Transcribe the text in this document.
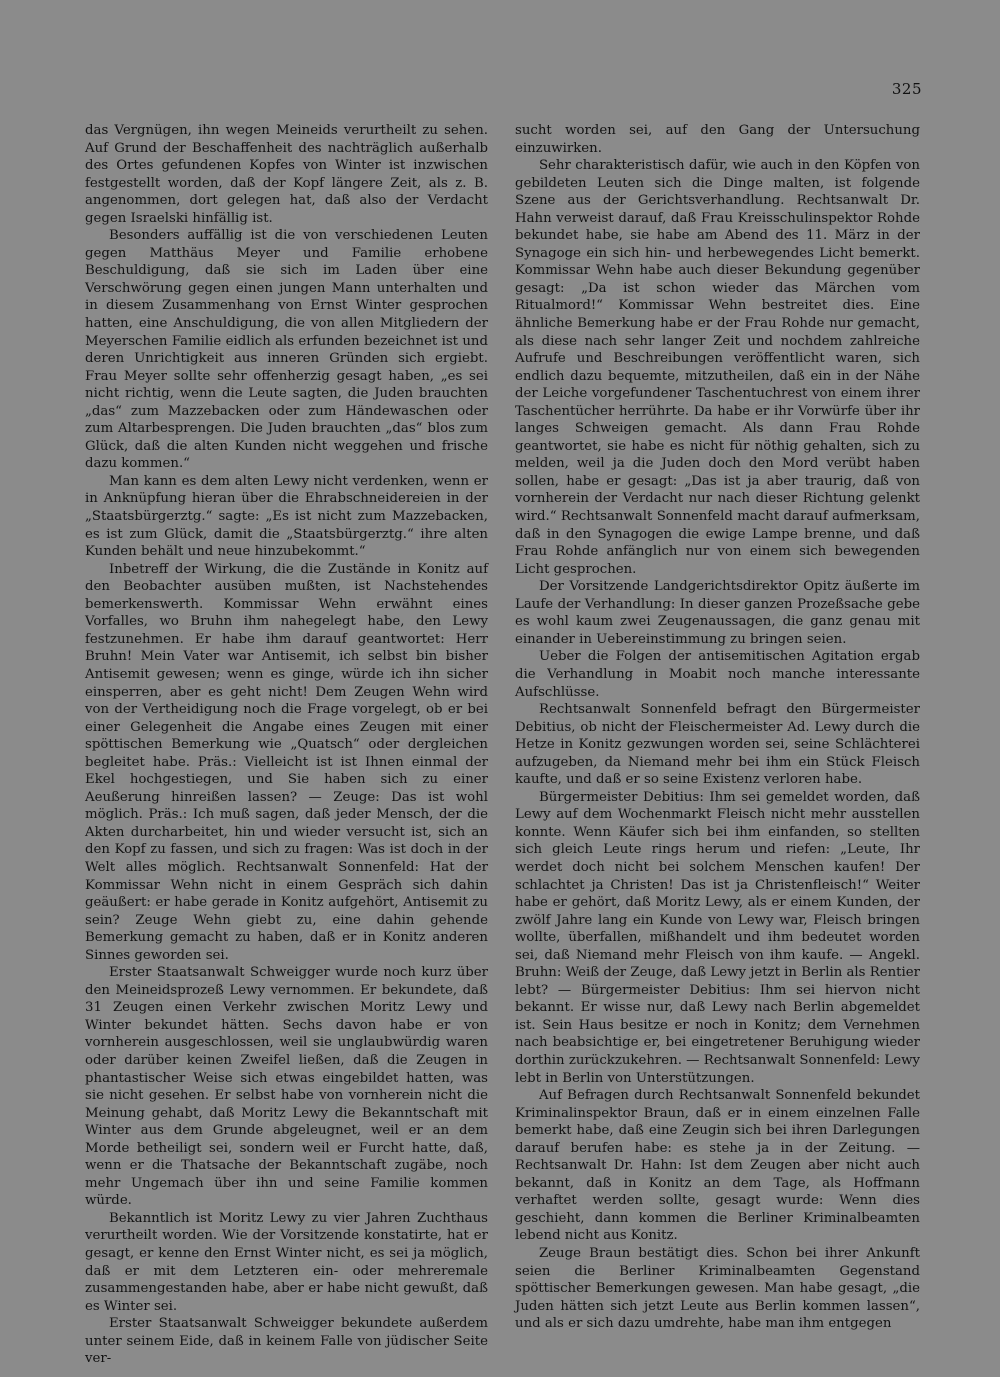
325

das Vergnügen, ihn wegen Meineids verurtheilt zu sehen. Auf Grund der Beschaffenheit des nachträglich außerhalb des Ortes gefundenen Kopfes von Winter ist inzwischen festgestellt worden, daß der Kopf längere Zeit, als z. B. angenommen, dort gelegen hat, daß also der Verdacht gegen Israelski hinfällig ist.

Besonders auffällig ist die von verschiedenen Leuten gegen Matthäus Meyer und Familie erhobene Beschuldigung, daß sie sich im Laden über eine Verschwörung gegen einen jungen Mann unterhalten und in diesem Zusammenhang von Ernst Winter gesprochen hatten, eine Anschuldigung, die von allen Mitgliedern der Meyerschen Familie eidlich als erfunden bezeichnet ist und deren Unrichtigkeit aus inneren Gründen sich ergiebt. Frau Meyer sollte sehr offenherzig gesagt haben, „es sei nicht richtig, wenn die Leute sagten, die Juden brauchten „das“ zum Mazzebacken oder zum Händewaschen oder zum Altarbesprengen. Die Juden brauchten „das“ blos zum Glück, daß die alten Kunden nicht weggehen und frische dazu kommen.“

Man kann es dem alten Lewy nicht verdenken, wenn er in Anknüpfung hieran über die Ehrabschneidereien in der „Staatsbürgerztg.“ sagte: „Es ist nicht zum Mazzebacken, es ist zum Glück, damit die „Staatsbürgerztg.“ ihre alten Kunden behält und neue hinzubekommt.“

Inbetreff der Wirkung, die die Zustände in Konitz auf den Beobachter ausüben mußten, ist Nachstehendes bemerkenswerth. Kommissar Wehn erwähnt eines Vorfalles, wo Bruhn ihm nahegelegt habe, den Lewy festzunehmen. Er habe ihm darauf geantwortet: Herr Bruhn! Mein Vater war Antisemit, ich selbst bin bisher Antisemit gewesen; wenn es ginge, würde ich ihn sicher einsperren, aber es geht nicht! Dem Zeugen Wehn wird von der Vertheidigung noch die Frage vorgelegt, ob er bei einer Gelegenheit die Angabe eines Zeugen mit einer spöttischen Bemerkung wie „Quatsch“ oder dergleichen begleitet habe. Präs.: Vielleicht ist ist Ihnen einmal der Ekel hochgestiegen, und Sie haben sich zu einer Aeußerung hinreißen lassen? — Zeuge: Das ist wohl möglich. Präs.: Ich muß sagen, daß jeder Mensch, der die Akten durcharbeitet, hin und wieder versucht ist, sich an den Kopf zu fassen, und sich zu fragen: Was ist doch in der Welt alles möglich. Rechtsanwalt Sonnenfeld: Hat der Kommissar Wehn nicht in einem Gespräch sich dahin geäußert: er habe gerade in Konitz aufgehört, Antisemit zu sein? Zeuge Wehn giebt zu, eine dahin gehende Bemerkung gemacht zu haben, daß er in Konitz anderen Sinnes geworden sei.

Erster Staatsanwalt Schweigger wurde noch kurz über den Meineidsprozeß Lewy vernommen. Er bekundete, daß 31 Zeugen einen Verkehr zwischen Moritz Lewy und Winter bekundet hätten. Sechs davon habe er von vornherein ausgeschlossen, weil sie unglaubwürdig waren oder darüber keinen Zweifel ließen, daß die Zeugen in phantastischer Weise sich etwas eingebildet hatten, was sie nicht gesehen. Er selbst habe von vornherein nicht die Meinung gehabt, daß Moritz Lewy die Bekanntschaft mit Winter aus dem Grunde abgeleugnet, weil er an dem Morde betheiligt sei, sondern weil er Furcht hatte, daß, wenn er die Thatsache der Bekanntschaft zugäbe, noch mehr Ungemach über ihn und seine Familie kommen würde.

Bekanntlich ist Moritz Lewy zu vier Jahren Zuchthaus verurtheilt worden. Wie der Vorsitzende konstatirte, hat er gesagt, er kenne den Ernst Winter nicht, es sei ja möglich, daß er mit dem Letzteren ein- oder mehreremale zusammengestanden habe, aber er habe nicht gewußt, daß es Winter sei.

Erster Staatsanwalt Schweigger bekundete außerdem unter seinem Eide, daß in keinem Falle von jüdischer Seite ver-

sucht worden sei, auf den Gang der Untersuchung einzuwirken.

Sehr charakteristisch dafür, wie auch in den Köpfen von gebildeten Leuten sich die Dinge malten, ist folgende Szene aus der Gerichtsverhandlung. Rechtsanwalt Dr. Hahn verweist darauf, daß Frau Kreisschulinspektor Rohde bekundet habe, sie habe am Abend des 11. März in der Synagoge ein sich hin- und herbewegendes Licht bemerkt. Kommissar Wehn habe auch dieser Bekundung gegenüber gesagt: „Da ist schon wieder das Märchen vom Ritualmord!“ Kommissar Wehn bestreitet dies. Eine ähnliche Bemerkung habe er der Frau Rohde nur gemacht, als diese nach sehr langer Zeit und nochdem zahlreiche Aufrufe und Beschreibungen veröffentlicht waren, sich endlich dazu bequemte, mitzutheilen, daß ein in der Nähe der Leiche vorgefundener Taschentuchrest von einem ihrer Taschentücher herrührte. Da habe er ihr Vorwürfe über ihr langes Schweigen gemacht. Als dann Frau Rohde geantwortet, sie habe es nicht für nöthig gehalten, sich zu melden, weil ja die Juden doch den Mord verübt haben sollen, habe er gesagt: „Das ist ja aber traurig, daß von vornherein der Verdacht nur nach dieser Richtung gelenkt wird.“ Rechtsanwalt Sonnenfeld macht darauf aufmerksam, daß in den Synagogen die ewige Lampe brenne, und daß Frau Rohde anfänglich nur von einem sich bewegenden Licht gesprochen.

Der Vorsitzende Landgerichtsdirektor Opitz äußerte im Laufe der Verhandlung: In dieser ganzen Prozeßsache gebe es wohl kaum zwei Zeugenaussagen, die ganz genau mit einander in Uebereinstimmung zu bringen seien.

Ueber die Folgen der antisemitischen Agitation ergab die Verhandlung in Moabit noch manche interessante Aufschlüsse.

Rechtsanwalt Sonnenfeld befragt den Bürgermeister Debitius, ob nicht der Fleischermeister Ad. Lewy durch die Hetze in Konitz gezwungen worden sei, seine Schlächterei aufzugeben, da Niemand mehr bei ihm ein Stück Fleisch kaufte, und daß er so seine Existenz verloren habe.

Bürgermeister Debitius: Ihm sei gemeldet worden, daß Lewy auf dem Wochenmarkt Fleisch nicht mehr ausstellen konnte. Wenn Käufer sich bei ihm einfanden, so stellten sich gleich Leute rings herum und riefen: „Leute, Ihr werdet doch nicht bei solchem Menschen kaufen! Der schlachtet ja Christen! Das ist ja Christenfleisch!“ Weiter habe er gehört, daß Moritz Lewy, als er einem Kunden, der zwölf Jahre lang ein Kunde von Lewy war, Fleisch bringen wollte, überfallen, mißhandelt und ihm bedeutet worden sei, daß Niemand mehr Fleisch von ihm kaufe. — Angekl. Bruhn: Weiß der Zeuge, daß Lewy jetzt in Berlin als Rentier lebt? — Bürgermeister Debitius: Ihm sei hiervon nicht bekannt. Er wisse nur, daß Lewy nach Berlin abgemeldet ist. Sein Haus besitze er noch in Konitz; dem Vernehmen nach beabsichtige er, bei eingetretener Beruhigung wieder dorthin zurückzukehren. — Rechtsanwalt Sonnenfeld: Lewy lebt in Berlin von Unterstützungen.

Auf Befragen durch Rechtsanwalt Sonnenfeld bekundet Kriminalinspektor Braun, daß er in einem einzelnen Falle bemerkt habe, daß eine Zeugin sich bei ihren Darlegungen darauf berufen habe: es stehe ja in der Zeitung. — Rechtsanwalt Dr. Hahn: Ist dem Zeugen aber nicht auch bekannt, daß in Konitz an dem Tage, als Hoffmann verhaftet werden sollte, gesagt wurde: Wenn dies geschieht, dann kommen die Berliner Kriminalbeamten lebend nicht aus Konitz.

Zeuge Braun bestätigt dies. Schon bei ihrer Ankunft seien die Berliner Kriminalbeamten Gegenstand spöttischer Bemerkungen gewesen. Man habe gesagt, „die Juden hätten sich jetzt Leute aus Berlin kommen lassen“, und als er sich dazu umdrehte, habe man ihm entgegen
